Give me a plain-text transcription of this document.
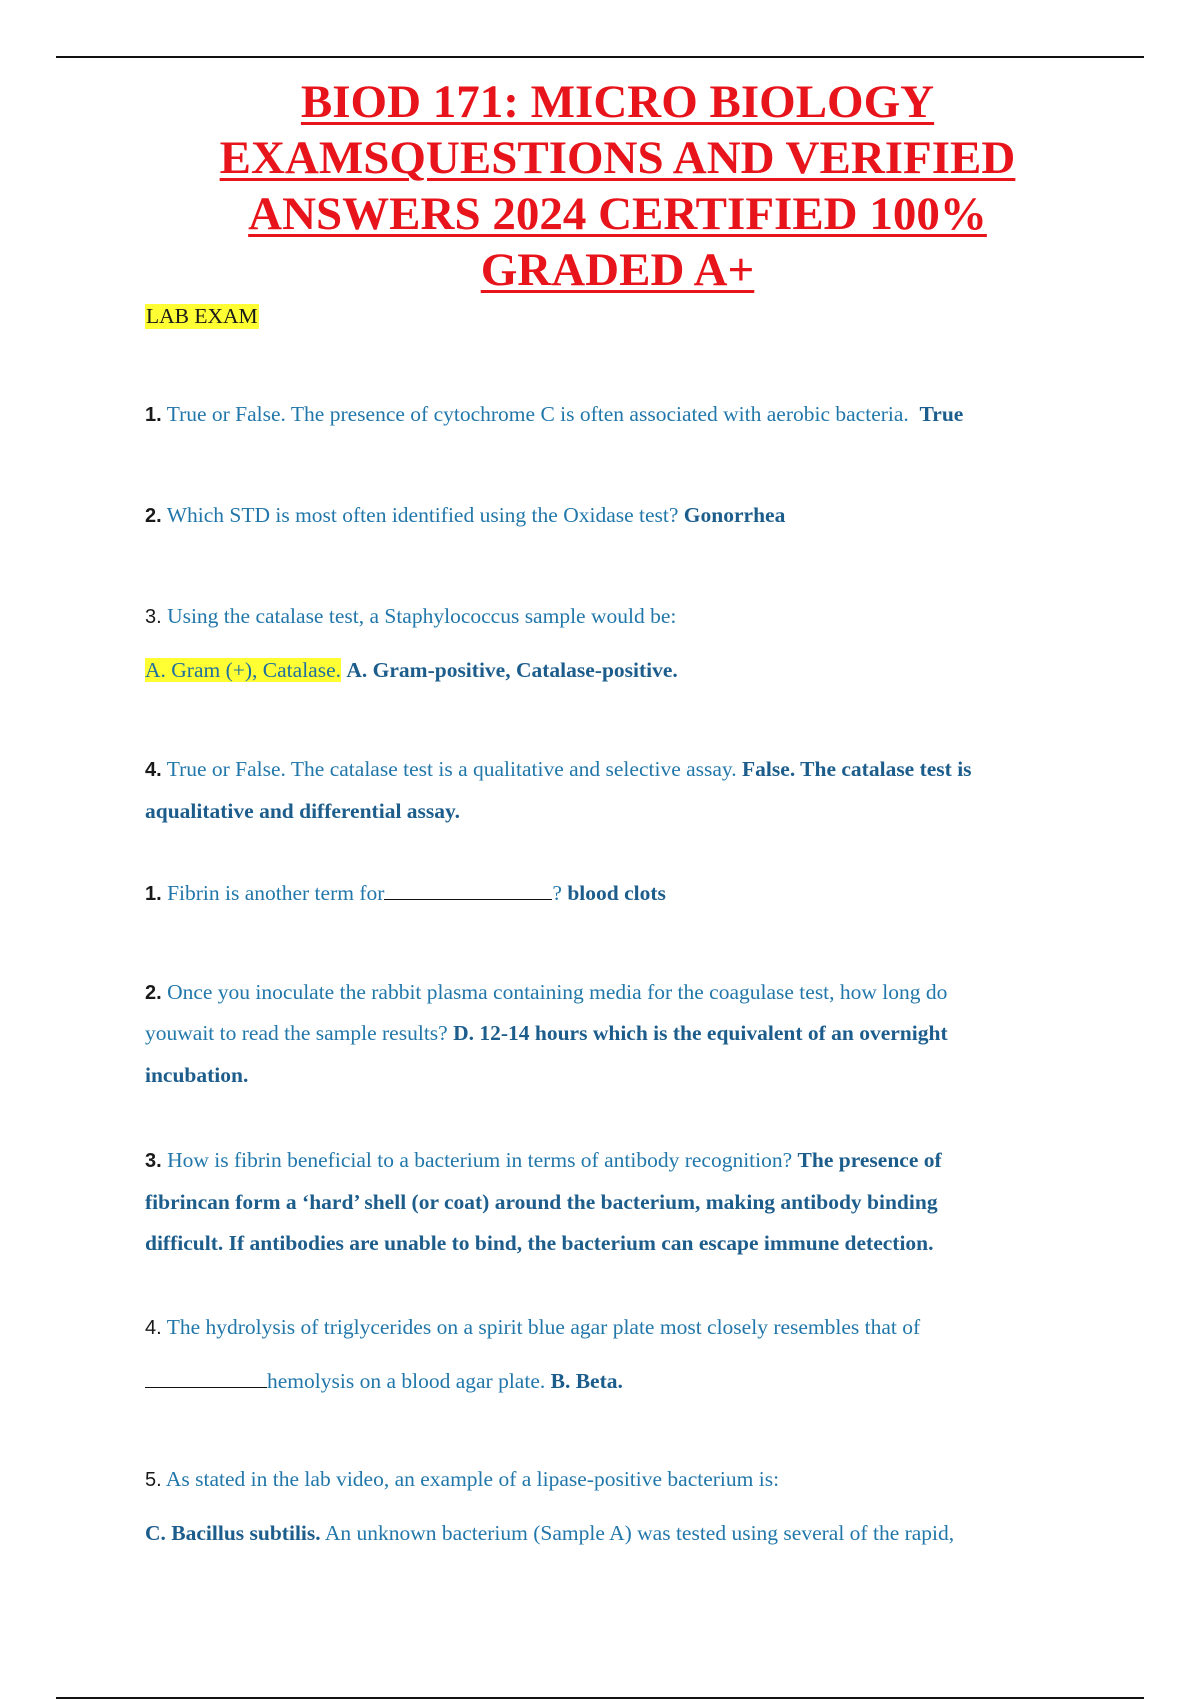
BIOD 171: MICRO BIOLOGY
EXAMSQUESTIONS AND VERIFIED
ANSWERS 2024 CERTIFIED 100%
GRADED A+
LAB EXAM
1. True or False. The presence of cytochrome C is often associated with aerobic bacteria. True
2. Which STD is most often identified using the Oxidase test? Gonorrhea
3. Using the catalase test, a Staphylococcus sample would be:
A. Gram (+), Catalase. A. Gram-positive, Catalase-positive.
4. True or False. The catalase test is a qualitative and selective assay. False. The catalase test is
aqualitative and differential assay.
1. Fibrin is another term for	? blood clots
2. Once you inoculate the rabbit plasma containing media for the coagulase test, how long do
youwait to read the sample results? D. 12-14 hours which is the equivalent of an overnight
incubation.
3. How is fibrin beneficial to a bacterium in terms of antibody recognition? The presence of
fibrincan form a ‘hard’ shell (or coat) around the bacterium, making antibody binding
difficult. If antibodies are unable to bind, the bacterium can escape immune detection.
4. The hydrolysis of triglycerides on a spirit blue agar plate most closely resembles that of
hemolysis on a blood agar plate. B. Beta.
5. As stated in the lab video, an example of a lipase-positive bacterium is:
C. Bacillus subtilis. An unknown bacterium (Sample A) was tested using several of the rapid,
